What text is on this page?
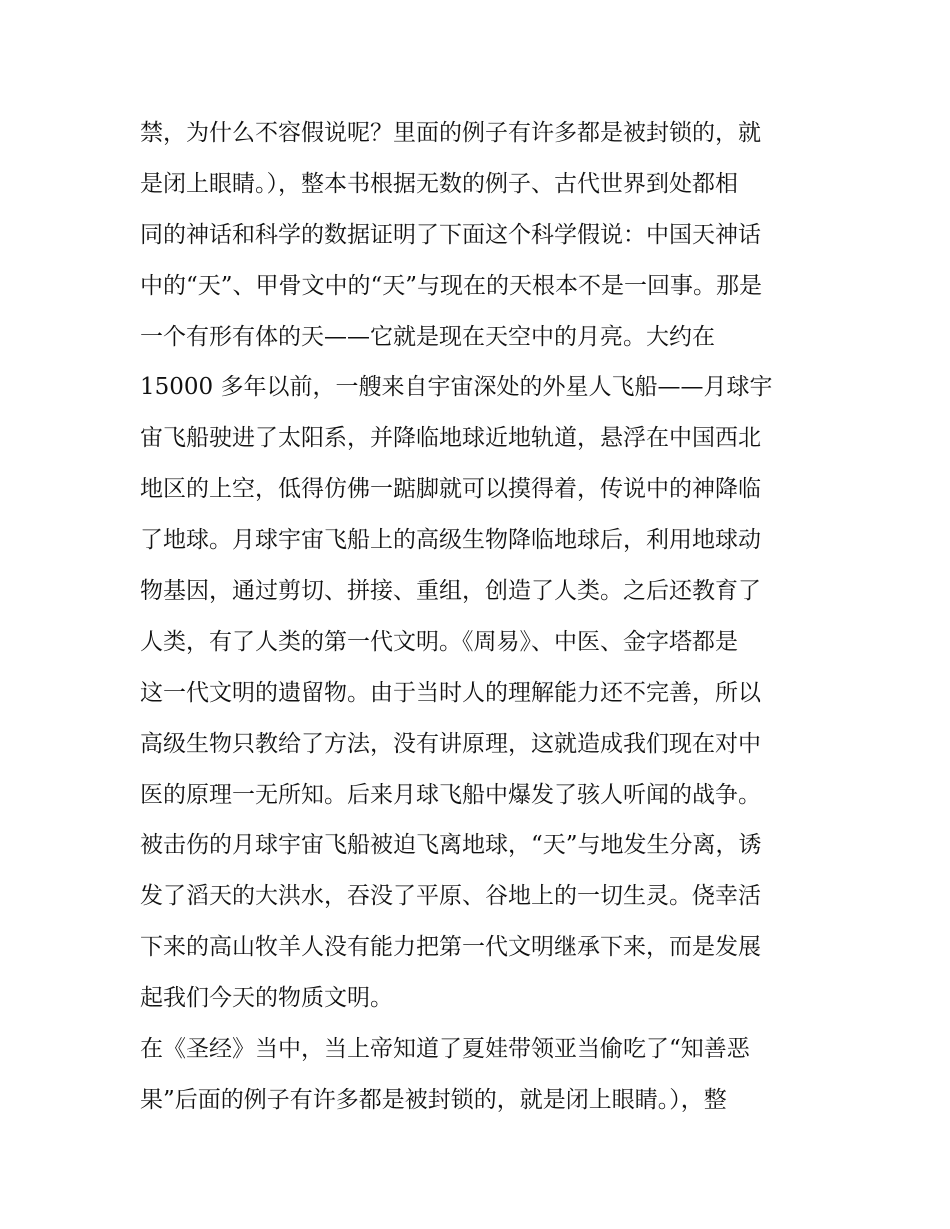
禁，为什么不容假说呢？里面的例子有许多都是被封锁的，就
是闭上眼睛。），整本书根据无数的例子、古代世界到处都相
同的神话和科学的数据证明了下面这个科学假说：中国天神话
中的“天”、甲骨文中的“天”与现在的天根本不是一回事。那是
一个有形有体的天——它就是现在天空中的月亮。大约在
15000 多年以前，一艘来自宇宙深处的外星人飞船——月球宇
宙飞船驶进了太阳系，并降临地球近地轨道，悬浮在中国西北
地区的上空，低得仿佛一踮脚就可以摸得着，传说中的神降临
了地球。月球宇宙飞船上的高级生物降临地球后，利用地球动
物基因，通过剪切、拼接、重组，创造了人类。之后还教育了
人类，有了人类的第一代文明。《周易》、中医、金字塔都是
这一代文明的遗留物。由于当时人的理解能力还不完善，所以
高级生物只教给了方法，没有讲原理，这就造成我们现在对中
医的原理一无所知。后来月球飞船中爆发了骇人听闻的战争。
被击伤的月球宇宙飞船被迫飞离地球，“天”与地发生分离，诱
发了滔天的大洪水，吞没了平原、谷地上的一切生灵。侥幸活
下来的高山牧羊人没有能力把第一代文明继承下来，而是发展
起我们今天的物质文明。
在《圣经》当中，当上帝知道了夏娃带领亚当偷吃了“知善恶
果”后面的例子有许多都是被封锁的，就是闭上眼睛。），整
